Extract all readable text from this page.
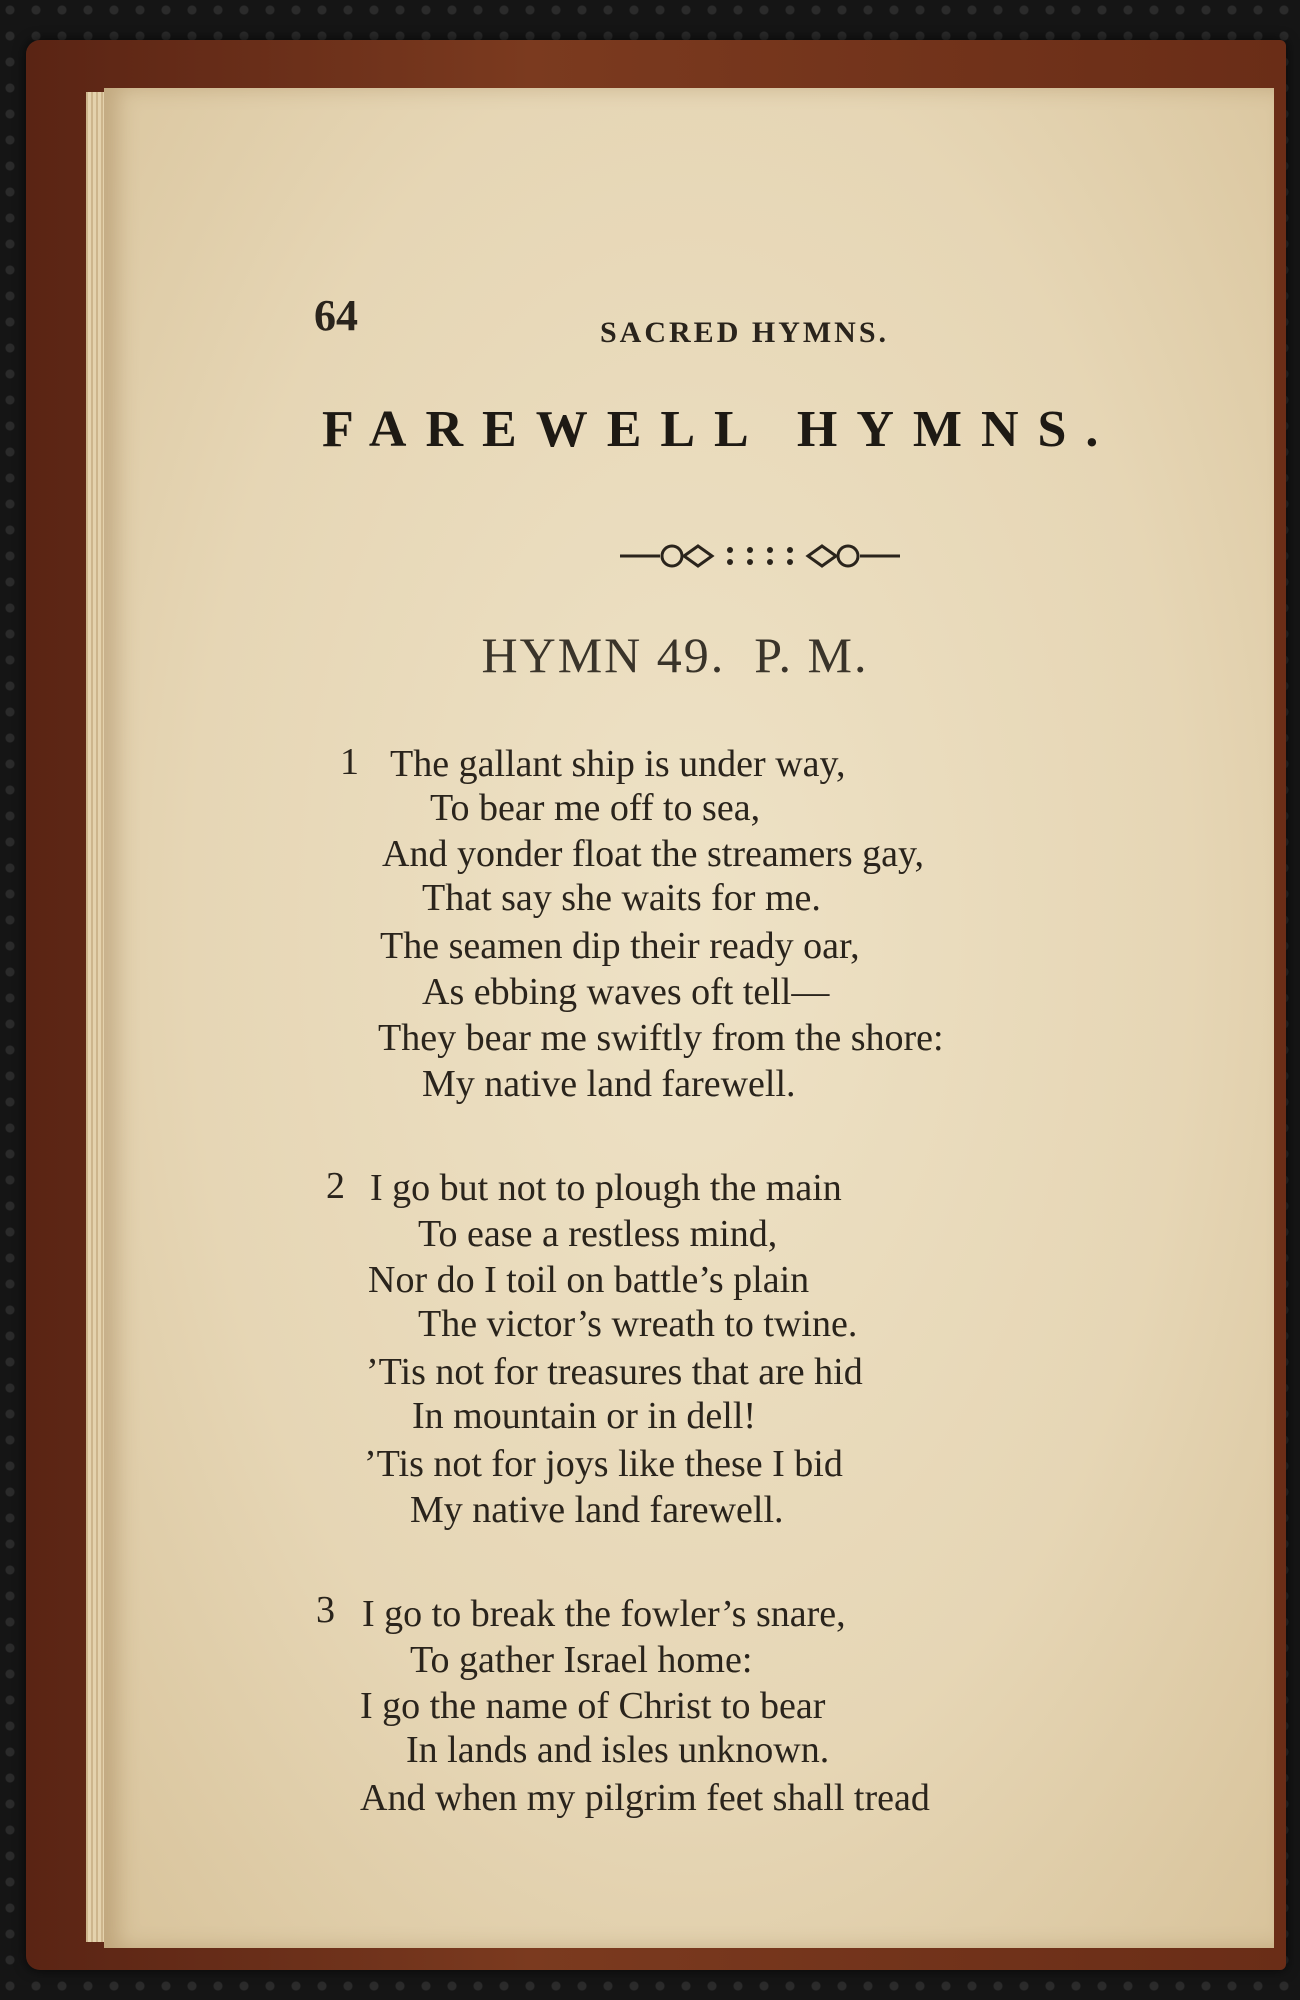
64	SACRED HYMNS.
FAREWELL HYMNS.

HYMN 49.  P. M.
1 The gallant ship is under way,
To bear me off to sea,
And yonder float the streamers gay,
That say she waits for me.
The seamen dip their ready oar,
As ebbing waves oft tell—
They bear me swiftly from the shore:
My native land farewell.
2 I go but not to plough the main
To ease a restless mind,
Nor do I toil on battle’s plain
The victor’s wreath to twine.
’Tis not for treasures that are hid
In mountain or in dell!
’Tis not for joys like these I bid
My native land farewell.
3 I go to break the fowler’s snare,
To gather Israel home:
I go the name of Christ to bear
In lands and isles unknown.
And when my pilgrim feet shall tread
